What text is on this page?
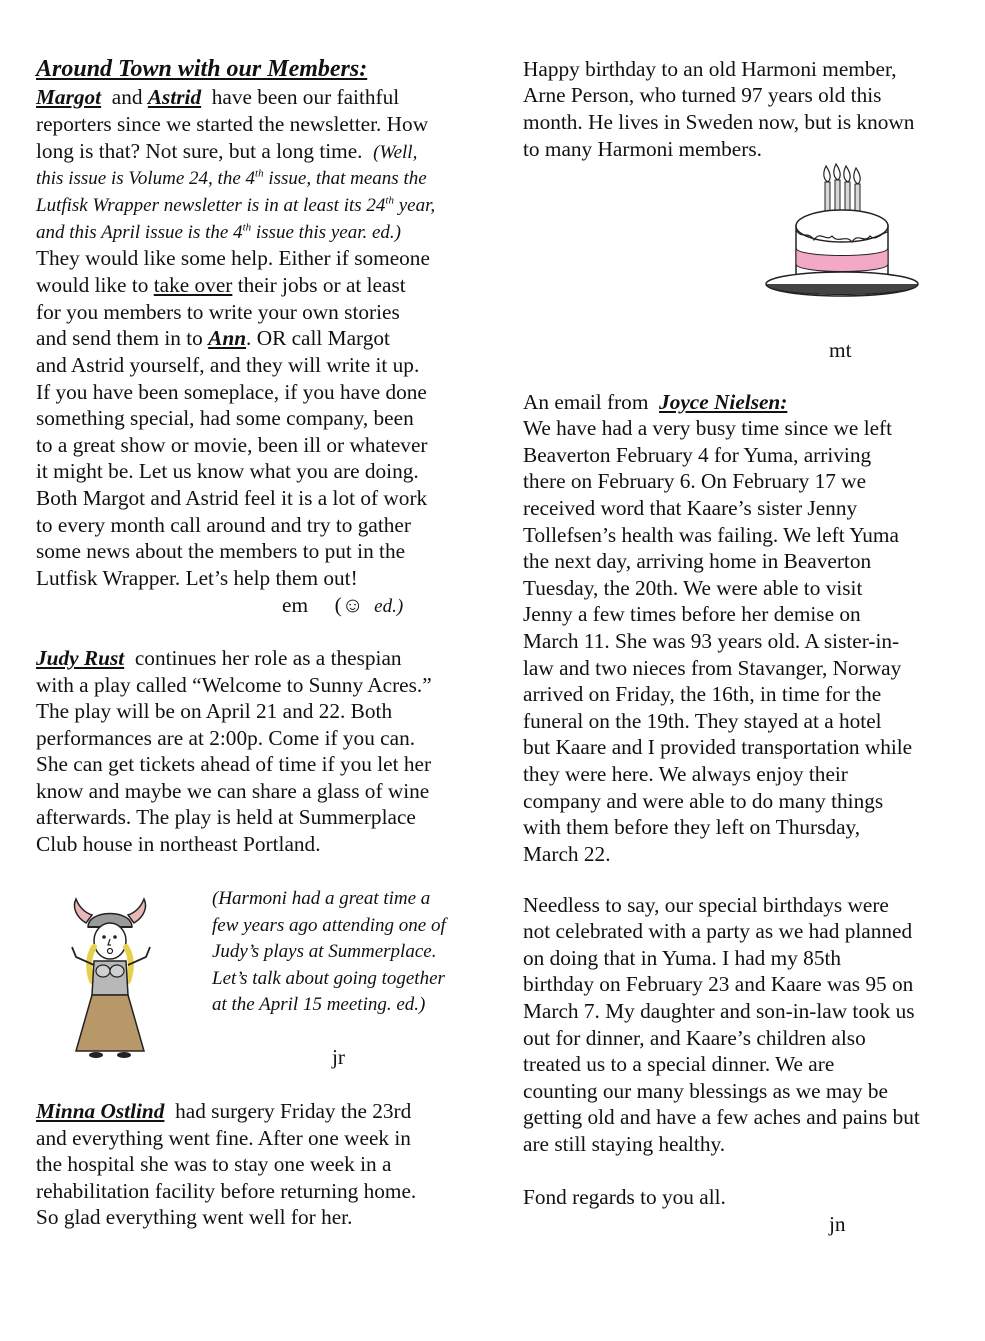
Around Town with our Members:
Margot and Astrid have been our faithful
reporters since we started the newsletter. How
long is that? Not sure, but a long time. (Well,
this issue is Volume 24, the 4th issue, that means the
Lutfisk Wrapper newsletter is in at least its 24th year,
and this April issue is the 4th issue this year. ed.)
They would like some help. Either if someone
would like to take over their jobs or at least
for you members to write your own stories
and send them in to Ann. OR call Margot
and Astrid yourself, and they will write it up.
If you have been someplace, if you have done
something special, had some company, been
to a great show or movie, been ill or whatever
it might be. Let us know what you are doing.
Both Margot and Astrid feel it is a lot of work
to every month call around and try to gather
some news about the members to put in the
Lutfisk Wrapper. Let’s help them out!
em (☺ ed.)
Judy Rust continues her role as a thespian
with a play called “Welcome to Sunny Acres.”
The play will be on April 21 and 22. Both
performances are at 2:00p. Come if you can.
She can get tickets ahead of time if you let her
know and maybe we can share a glass of wine
afterwards. The play is held at Summerplace
Club house in northeast Portland.
(Harmoni had a great time a
few years ago attending one of
Judy’s plays at Summerplace.
Let’s talk about going together
at the April 15 meeting. ed.)
jr
Minna Ostlind had surgery Friday the 23rd
and everything went fine. After one week in
the hospital she was to stay one week in a
rehabilitation facility before returning home.
So glad everything went well for her.
Happy birthday to an old Harmoni member,
Arne Person, who turned 97 years old this
month. He lives in Sweden now, but is known
to many Harmoni members.
mt
An email from Joyce Nielsen:
We have had a very busy time since we left
Beaverton February 4 for Yuma, arriving
there on February 6. On February 17 we
received word that Kaare’s sister Jenny
Tollefsen’s health was failing. We left Yuma
the next day, arriving home in Beaverton
Tuesday, the 20th. We were able to visit
Jenny a few times before her demise on
March 11. She was 93 years old. A sister-in-
law and two nieces from Stavanger, Norway
arrived on Friday, the 16th, in time for the
funeral on the 19th. They stayed at a hotel
but Kaare and I provided transportation while
they were here. We always enjoy their
company and were able to do many things
with them before they left on Thursday,
March 22.
Needless to say, our special birthdays were
not celebrated with a party as we had planned
on doing that in Yuma. I had my 85th
birthday on February 23 and Kaare was 95 on
March 7. My daughter and son-in-law took us
out for dinner, and Kaare’s children also
treated us to a special dinner. We are
counting our many blessings as we may be
getting old and have a few aches and pains but
are still staying healthy.
Fond regards to you all.
jn
